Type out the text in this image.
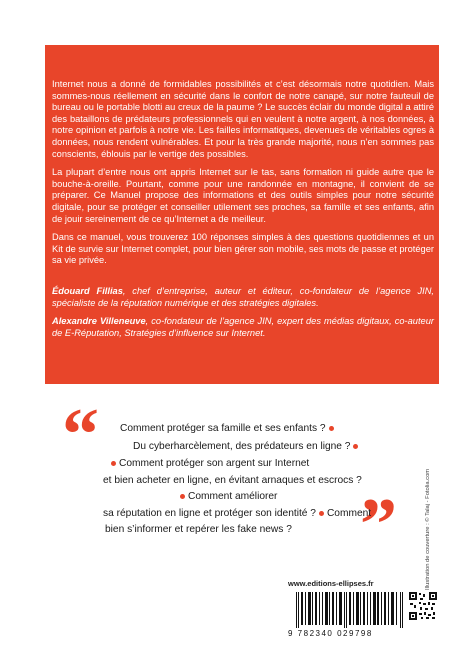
Internet nous a donné de formidables possibilités et c’est désormais notre quotidien. Mais sommes-nous réellement en sécurité dans le confort de notre canapé, sur notre fauteuil de bureau ou le portable blotti au creux de la paume ? Le succès éclair du monde digital a attiré des bataillons de prédateurs professionnels qui en veulent à notre argent, à nos données, à notre opinion et parfois à notre vie. Les failles informatiques, devenues de véritables ogres à données, nous rendent vulnérables. Et pour la très grande majorité, nous n’en sommes pas conscients, éblouis par le vertige des possibles.

La plupart d’entre nous ont appris Internet sur le tas, sans formation ni guide autre que le bouche-à-oreille. Pourtant, comme pour une randonnée en montagne, il convient de se préparer. Ce Manuel propose des informations et des outils simples pour notre sécurité digitale, pour se protéger et conseiller utilement ses proches, sa famille et ses enfants, afin de jouir sereinement de ce qu’Internet a de meilleur.

Dans ce manuel, vous trouverez 100 réponses simples à des questions quotidiennes et un Kit de survie sur Internet complet, pour bien gérer son mobile, ses mots de passe et protéger sa vie privée.

Édouard Fillias, chef d’entreprise, auteur et éditeur, co-fondateur de l’agence JIN, spécialiste de la réputation numérique et des stratégies digitales.

Alexandre Villeneuve, co-fondateur de l’agence JIN, expert des médias digitaux, co-auteur de E-Réputation, Stratégies d’influence sur Internet.

“
”
Comment protéger sa famille et ses enfants ?
Du cyberharcèlement, des prédateurs en ligne ?
Comment protéger son argent sur Internet
et bien acheter en ligne, en évitant arnaques et escrocs ?
Comment améliorer
sa réputation en ligne et protéger son identité ? Comment
bien s’informer et repérer les fake news ?	Illustration de couverture : © Talaj - Fotolia.com
www.editions-ellipses.fr
9 782340 029798
